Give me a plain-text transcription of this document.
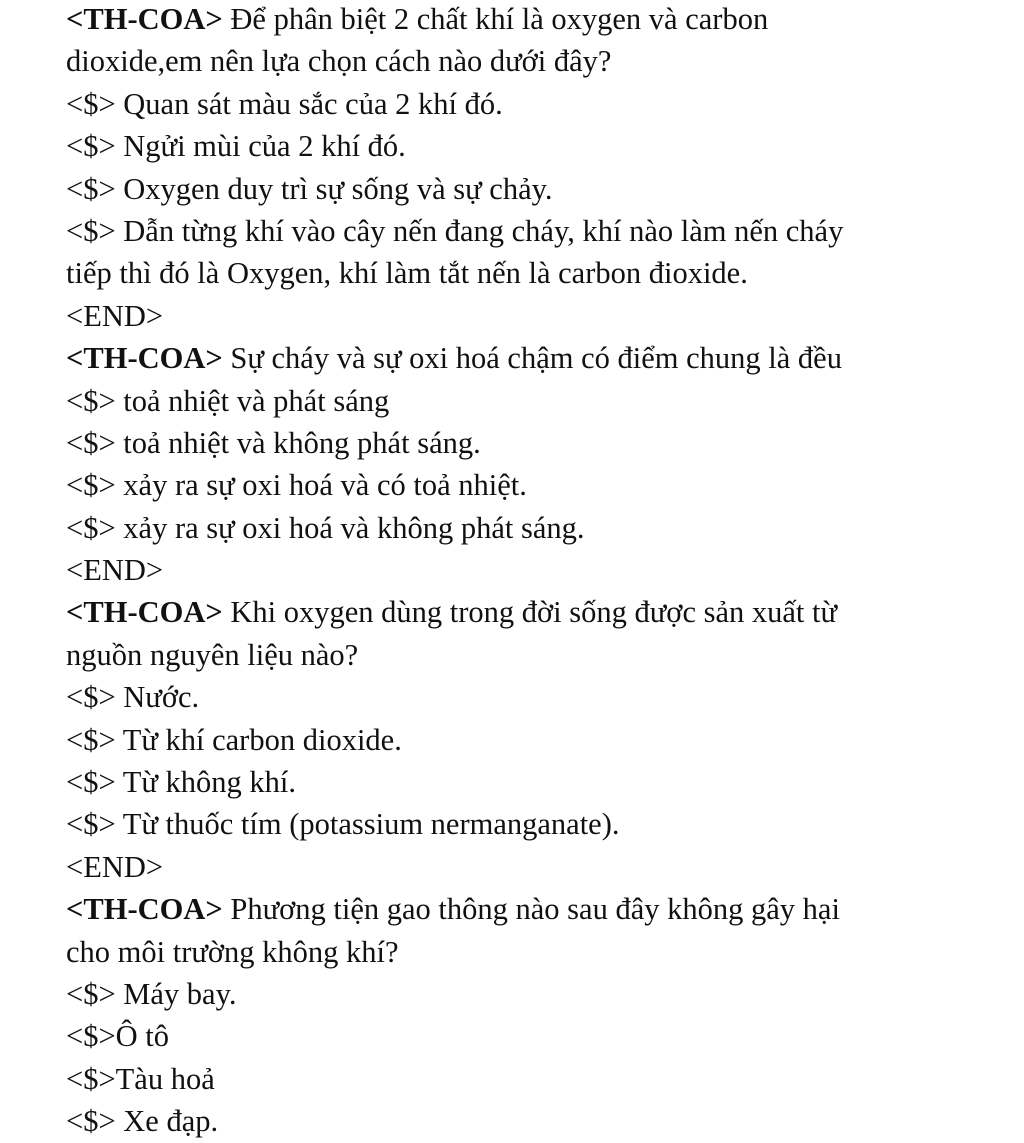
<TH-COA> Để phân biệt 2 chất khí là oxygen và carbon
dioxide,em nên lựa chọn cách nào dưới đây?
<$> Quan sát màu sắc của 2 khí đó.
<$> Ngửi mùi của 2 khí đó.
<$> Oxygen duy trì sự sống và sự chảy.
<$> Dẫn từng khí vào cây nến đang cháy, khí nào làm nến cháy
tiếp thì đó là Oxygen, khí làm tắt nến là carbon đioxide.
<END>
<TH-COA> Sự cháy và sự oxi hoá chậm có điểm chung là đều
<$> toả nhiệt và phát sáng
<$> toả nhiệt và không phát sáng.
<$> xảy ra sự oxi hoá và có toả nhiệt.
<$> xảy ra sự oxi hoá và không phát sáng.
<END>
<TH-COA> Khi oxygen dùng trong đời sống được sản xuất từ
nguồn nguyên liệu nào?
<$> Nước.
<$> Từ khí carbon dioxide.
<$> Từ không khí.
<$> Từ thuốc tím (potassium nermanganate).
<END>
<TH-COA> Phương tiện gao thông nào sau đây không gây hại
cho môi trường không khí?
<$> Máy bay.
<$>Ô tô
<$>Tàu hoả
<$> Xe đạp.
